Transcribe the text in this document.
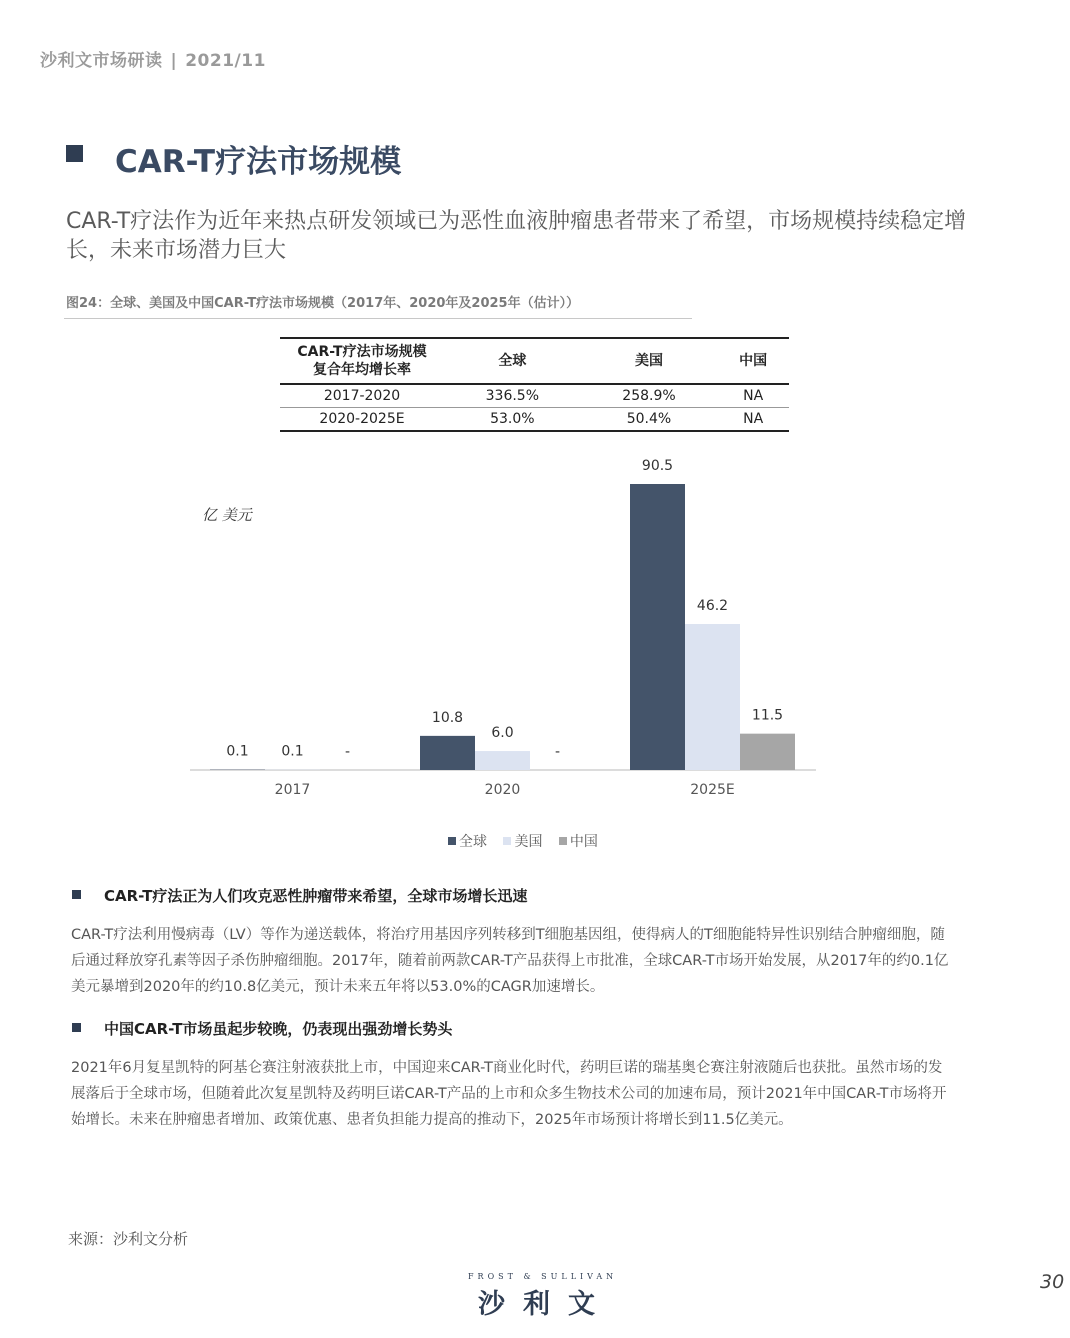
沙利文市场研读 | 2021/11
CAR-T疗法市场规模
CAR-T疗法作为近年来热点研发领域已为恶性血液肿瘤患者带来了希望，市场规模持续稳定增长，未来市场潜力巨大
图24：全球、美国及中国CAR-T疗法市场规模（2017年、2020年及2025年（估计））
CAR-T疗法市场规模
复合年均增长率	全球	美国	中国
2017-2020	336.5%	258.9%	NA
2020-2025E	53.0%	50.4%	NA
亿 美元
0.1 0.1	-
2017
10.8
6.0
-
2020
90.5
46.2
11.5
2025E
全球 美国 中国
CAR-T疗法正为人们攻克恶性肿瘤带来希望，全球市场增长迅速
CAR-T疗法利用慢病毒（LV）等作为递送载体，将治疗用基因序列转移到T细胞基因组，使得病人的T细胞能特异性识别结合肿瘤细胞，随后通过释放穿孔素等因子杀伤肿瘤细胞。2017年，随着前两款CAR-T产品获得上市批准，全球CAR-T市场开始发展，从2017年的约0.1亿美元暴增到2020年的约10.8亿美元，预计未来五年将以53.0%的CAGR加速增长。
中国CAR-T市场虽起步较晚，仍表现出强劲增长势头
2021年6月复星凯特的阿基仑赛注射液获批上市，中国迎来CAR-T商业化时代，药明巨诺的瑞基奥仑赛注射液随后也获批。虽然市场的发展落后于全球市场，但随着此次复星凯特及药明巨诺CAR-T产品的上市和众多生物技术公司的加速布局，预计2021年中国CAR-T市场将开始增长。未来在肿瘤患者增加、政策优惠、患者负担能力提高的推动下，2025年市场预计将增长到11.5亿美元。
来源：沙利文分析
FROST & SULLIVAN
沙利文
30
